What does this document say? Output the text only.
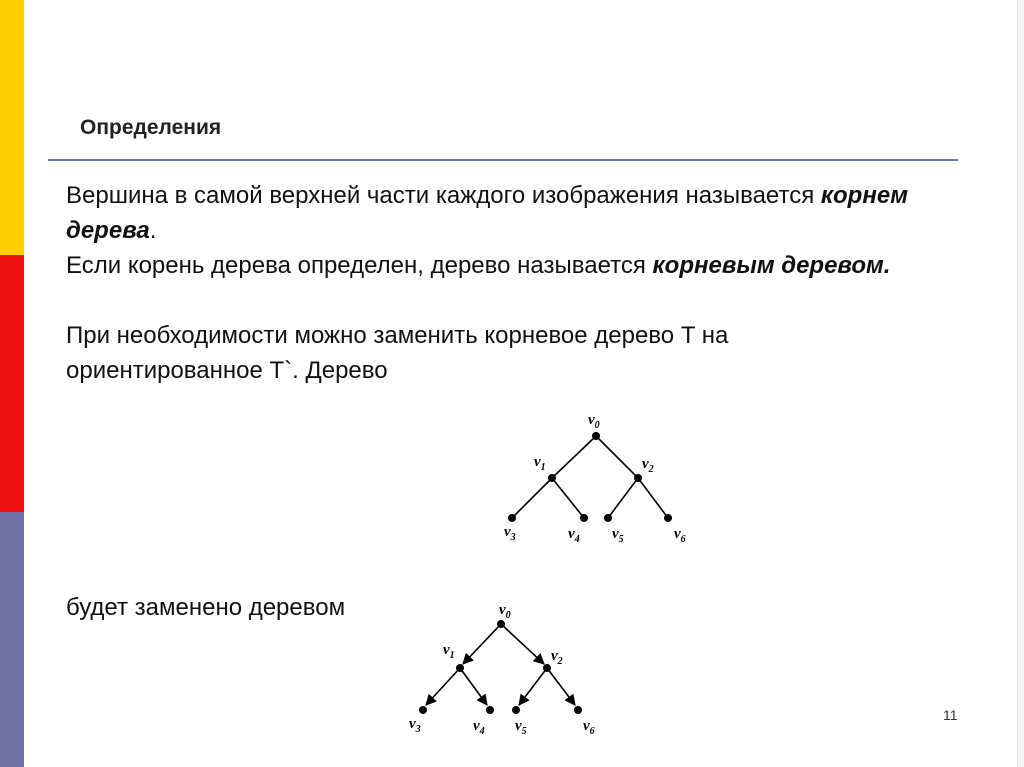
Определения

Вершина в самой верхней части каждого изображения называется корнем дерева.

Если корень дерева определен, дерево называется корневым деревом.

При необходимости можно заменить корневое дерево T на ориентированное T`. Дерево

$v_0$
$v_1$	$v_2$
$v_3$	$v_4$ $v_5$	$v_6$
будет заменено деревом	$v_0$
$v_1$	$v_2$
$v_3$	$v_4$ $v_5$	$v_6$
11
